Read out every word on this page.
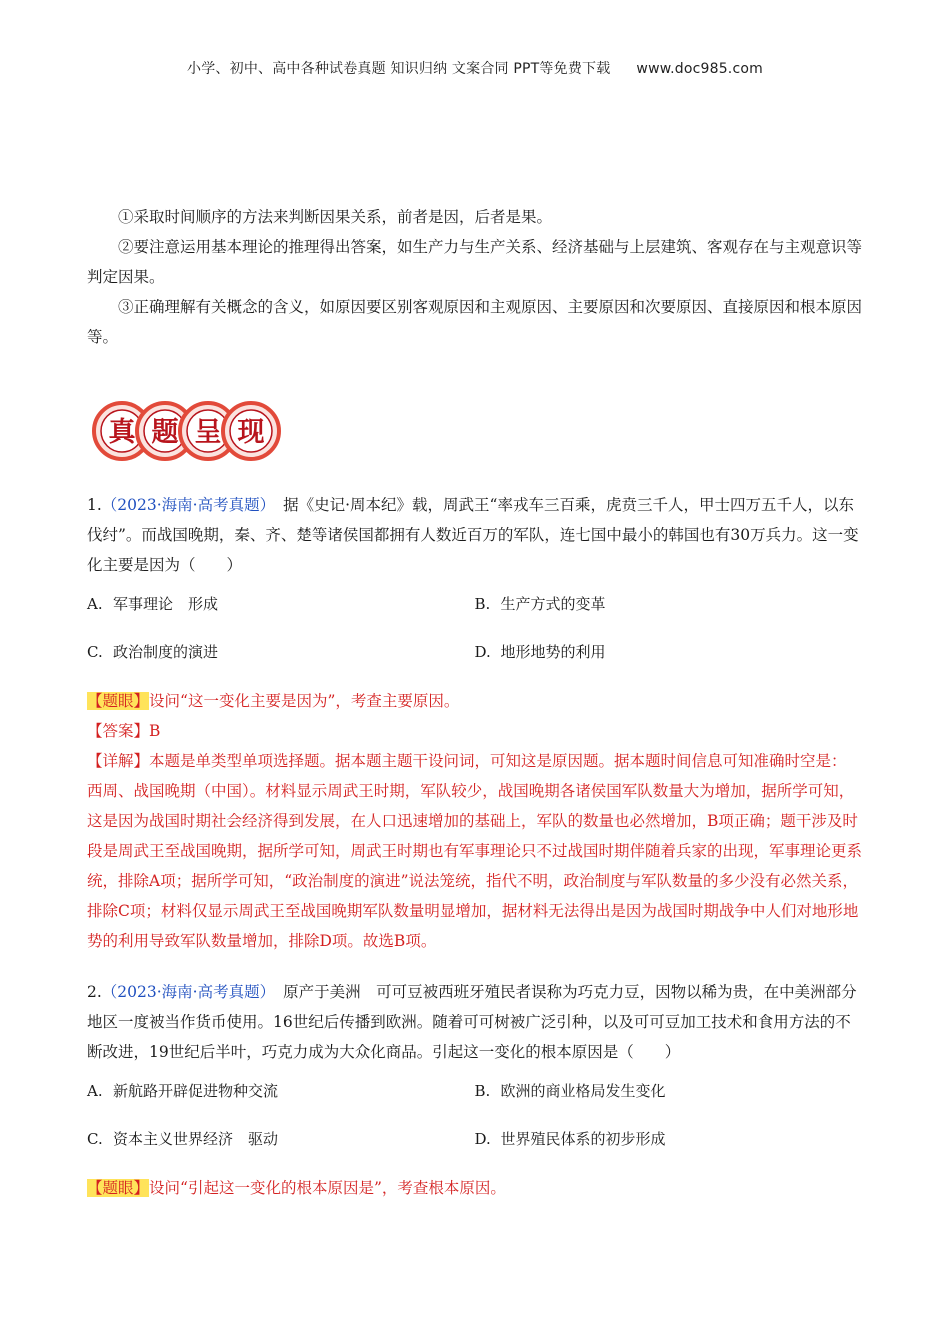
小学、初中、高中各种试卷真题 知识归纳 文案合同 PPT等免费下载 www.doc985.com

①采取时间顺序的方法来判断因果关系，前者是因，后者是果。

②要注意运用基本理论的推理得出答案，如生产力与生产关系、经济基础与上层建筑、客观存在与主观意识等判定因果。

③正确理解有关概念的含义，如原因要区别客观原因和主观原因、主要原因和次要原因、直接原因和根本原因等。

真 题 呈 现

1.（2023·海南·高考真题） 据《史记·周本纪》载，周武王“率戎车三百乘，虎贲三千人，甲士四万五千人，以东伐纣”。而战国晚期，秦、齐、楚等诸侯国都拥有人数近百万的军队，连七国中最小的韩国也有30万兵力。这一变化主要是因为（　　）

A. 军事理论　形成	B. 生产方式的变革
C. 政治制度的演进	D. 地形地势的利用

【题眼】设问“这一变化主要是因为”，考查主要原因。

【答案】B

【详解】本题是单类型单项选择题。据本题主题干设问词，可知这是原因题。据本题时间信息可知准确时空是：西周、战国晚期（中国）。材料显示周武王时期，军队较少，战国晚期各诸侯国军队数量大为增加，据所学可知，这是因为战国时期社会经济得到发展，在人口迅速增加的基础上，军队的数量也必然增加，B项正确；题干涉及时段是周武王至战国晚期，据所学可知，周武王时期也有军事理论只不过战国时期伴随着兵家的出现，军事理论更系统，排除A项；据所学可知，“政治制度的演进”说法笼统，指代不明，政治制度与军队数量的多少没有必然关系，排除C项；材料仅显示周武王至战国晚期军队数量明显增加，据材料无法得出是因为战国时期战争中人们对地形地势的利用导致军队数量增加，排除D项。故选B项。

2.（2023·海南·高考真题） 原产于美洲　可可豆被西班牙殖民者误称为巧克力豆，因物以稀为贵，在中美洲部分地区一度被当作货币使用。16世纪后传播到欧洲。随着可可树被广泛引种，以及可可豆加工技术和食用方法的不断改进，19世纪后半叶，巧克力成为大众化商品。引起这一变化的根本原因是（　　）

A. 新航路开辟促进物种交流	B. 欧洲的商业格局发生变化
C. 资本主义世界经济　驱动	D. 世界殖民体系的初步形成

【题眼】设问“引起这一变化的根本原因是”，考查根本原因。
